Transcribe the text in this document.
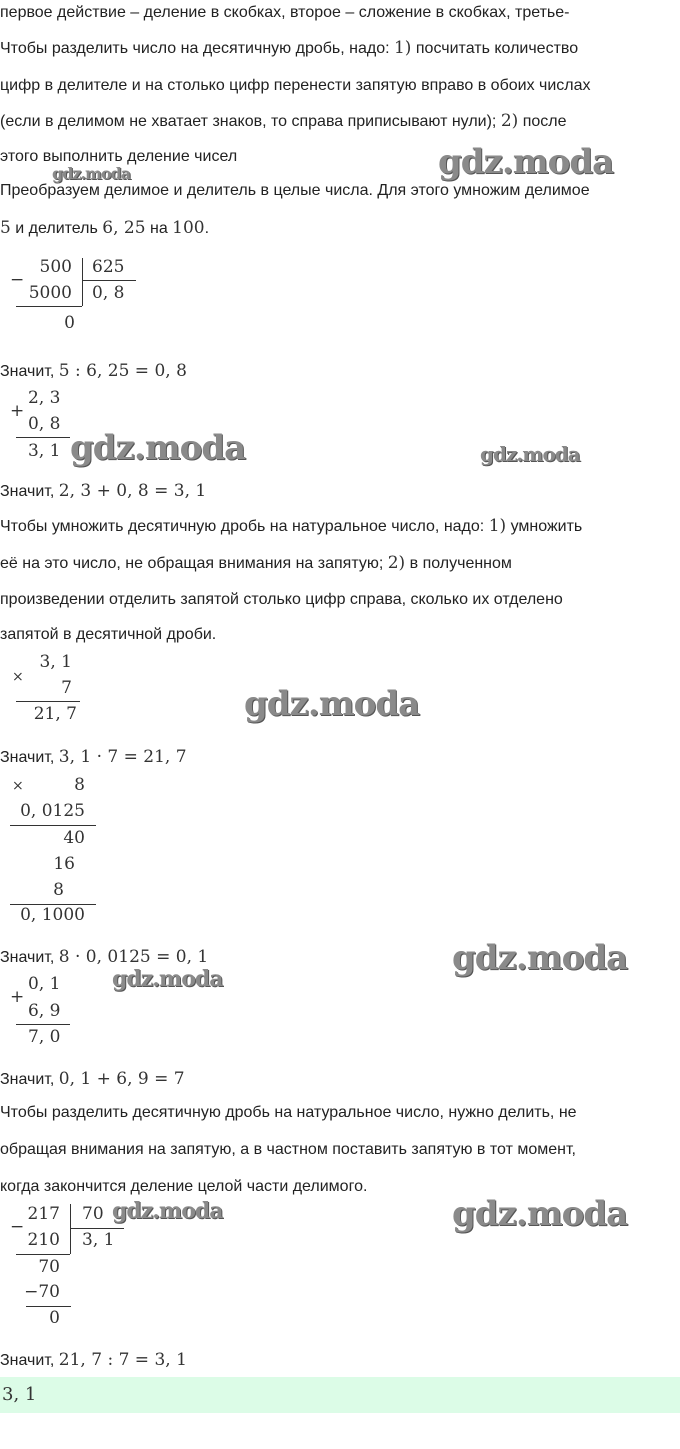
первое действие – деление в скобках, второе – сложение в скобках, третье-
Чтобы разделить число на десятичную дробь, надо: 1) посчитать количество
цифр в делителе и на столько цифр перенести запятую вправо в обоих числах
(если в делимом не хватает знаков, то справа приписывают нули); 2) после
этого выполнить деление чисел
Преобразуем делимое и делитель в целые числа. Для этого умножим делимое
5 и делитель 6, 25 на 100.
−
500
5000
625
0, 8
0
Значит, 5 : 6, 25 = 0, 8
+
2, 3
0, 8
3, 1
Значит, 2, 3 + 0, 8 = 3, 1
Чтобы умножить десятичную дробь на натуральное число, надо: 1) умножить
её на это число, не обращая внимания на запятую; 2) в полученном
произведении отделить запятой столько цифр справа, сколько их отделено
запятой в десятичной дроби.
×
3, 1
7
21, 7
Значит, 3, 1 · 7 = 21, 7
×	8
0, 0125
40
16
8
0, 1000
Значит, 8 · 0, 0125 = 0, 1
+
0, 1
6, 9
7, 0
Значит, 0, 1 + 6, 9 = 7
Чтобы разделить десятичную дробь на натуральное число, нужно делить, не
обращая внимания на запятую, а в частном поставить запятую в тот момент,
когда закончится деление целой части делимого.
−
217
210
70
3, 1
70
−70
0
Значит, 21, 7 : 7 = 3, 1
3, 1
gdz.moda
gdz.moda
gdz.moda	gdz.moda
gdz.moda
gdz.moda
gdz.moda
gdz.moda	gdz.moda
